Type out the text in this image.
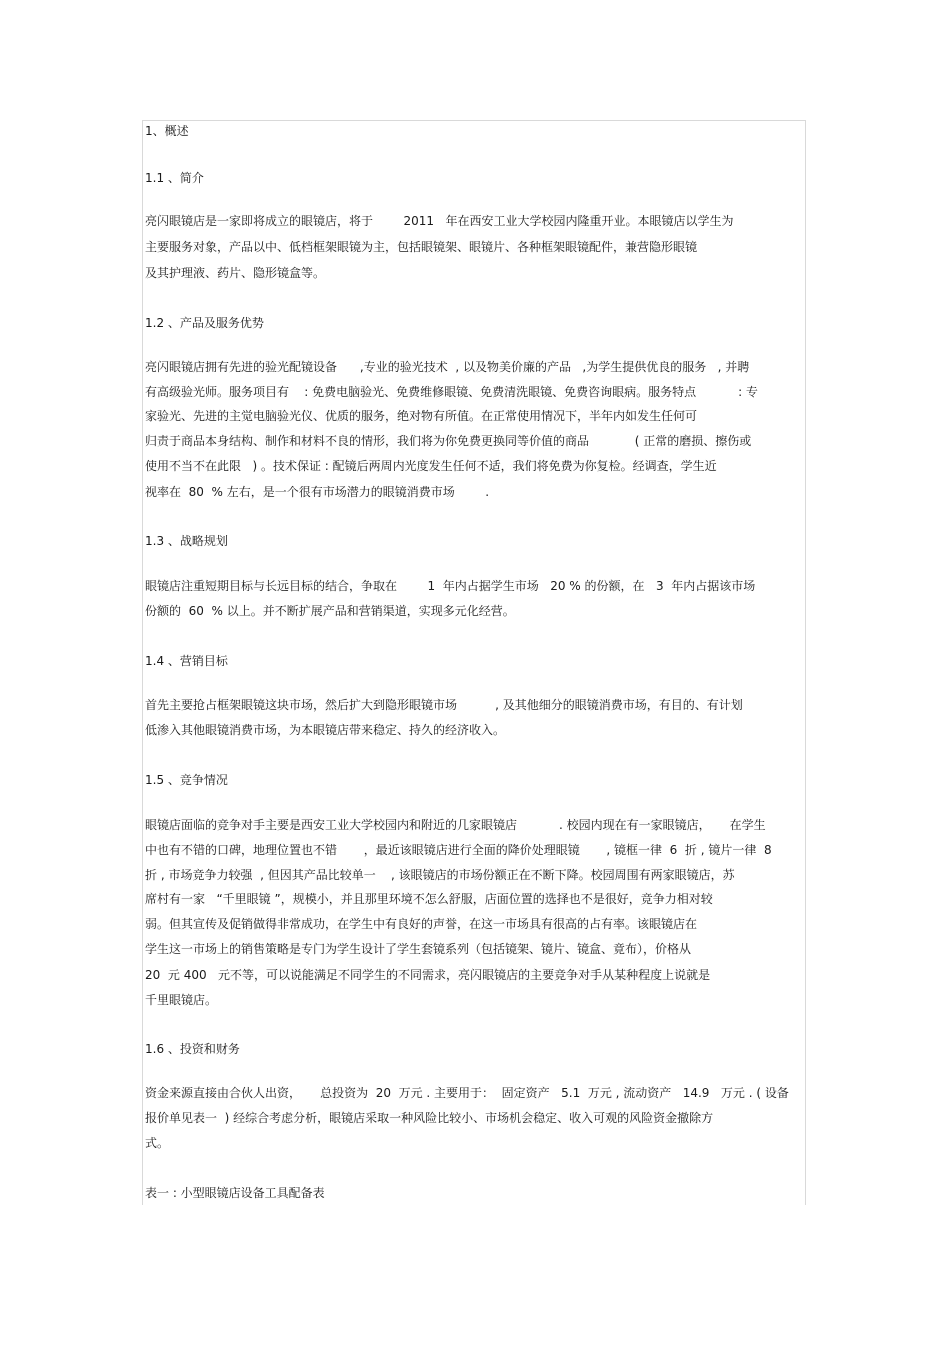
1、概述

1.1 、简介

亮闪眼镜店是一家即将成立的眼镜店，将于        2011   年在西安工业大学校园内隆重开业。本眼镜店以学生为

主要服务对象，产品以中、低档框架眼镜为主，包括眼镜架、眼镜片、各种框架眼镜配件，兼营隐形眼镜

及其护理液、药片、隐形镜盒等。

1.2 、产品及服务优势

亮闪眼镜店拥有先进的验光配镜设备      ,专业的验光技术  , 以及物美价廉的产品   ,为学生提供优良的服务   , 并聘

有高级验光师。服务项目有    : 免费电脑验光、免费维修眼镜、免费清洗眼镜、免费咨询眼病。服务特点           : 专

家验光、先进的主觉电脑验光仪、优质的服务，绝对物有所值。在正常使用情况下，半年内如发生任何可

归责于商品本身结构、制作和材料不良的情形，我们将为你免费更换同等价值的商品            ( 正常的磨损、擦伤或

使用不当不在此限   ) 。技术保证 : 配镜后两周内光度发生任何不适，我们将免费为你复检。经调查，学生近

视率在  80  % 左右，是一个很有市场潜力的眼镜消费市场        .

1.3 、战略规划

眼镜店注重短期目标与长远目标的结合，争取在        1  年内占据学生市场   20 % 的份额，在   3  年内占据该市场

份额的  60  % 以上。并不断扩展产品和营销渠道，实现多元化经营。

1.4 、营销目标

首先主要抢占框架眼镜这块市场，然后扩大到隐形眼镜市场          , 及其他细分的眼镜消费市场，有目的、有计划

低渗入其他眼镜消费市场，为本眼镜店带来稳定、持久的经济收入。

1.5 、竞争情况

眼镜店面临的竞争对手主要是西安工业大学校园内和附近的几家眼镜店           . 校园内现在有一家眼镜店，     在学生

中也有不错的口碑，地理位置也不错       ，最近该眼镜店进行全面的降价处理眼镜       , 镜框一律  6  折 , 镜片一律  8

折 , 市场竞争力较强  , 但因其产品比较单一    , 该眼镜店的市场份额正在不断下降。校园周围有两家眼镜店，苏

席村有一家   “千里眼镜 ”，规模小，并且那里环境不怎么舒服，店面位置的选择也不是很好，竞争力相对较

弱。但其宣传及促销做得非常成功，在学生中有良好的声誉，在这一市场具有很高的占有率。该眼镜店在

学生这一市场上的销售策略是专门为学生设计了学生套镜系列（包括镜架、镜片、镜盒、竟布），价格从

20  元 400   元不等，可以说能满足不同学生的不同需求，亮闪眼镜店的主要竞争对手从某种程度上说就是

千里眼镜店。

1.6 、投资和财务

资金来源直接由合伙人出资，     总投资为  20  万元 . 主要用于：  固定资产   5.1  万元 , 流动资产   14.9   万元 . ( 设备

报价单见表一  ) 经综合考虑分析，眼镜店采取一种风险比较小、市场机会稳定、收入可观的风险资金撤除方

式。

表一 : 小型眼镜店设备工具配备表
